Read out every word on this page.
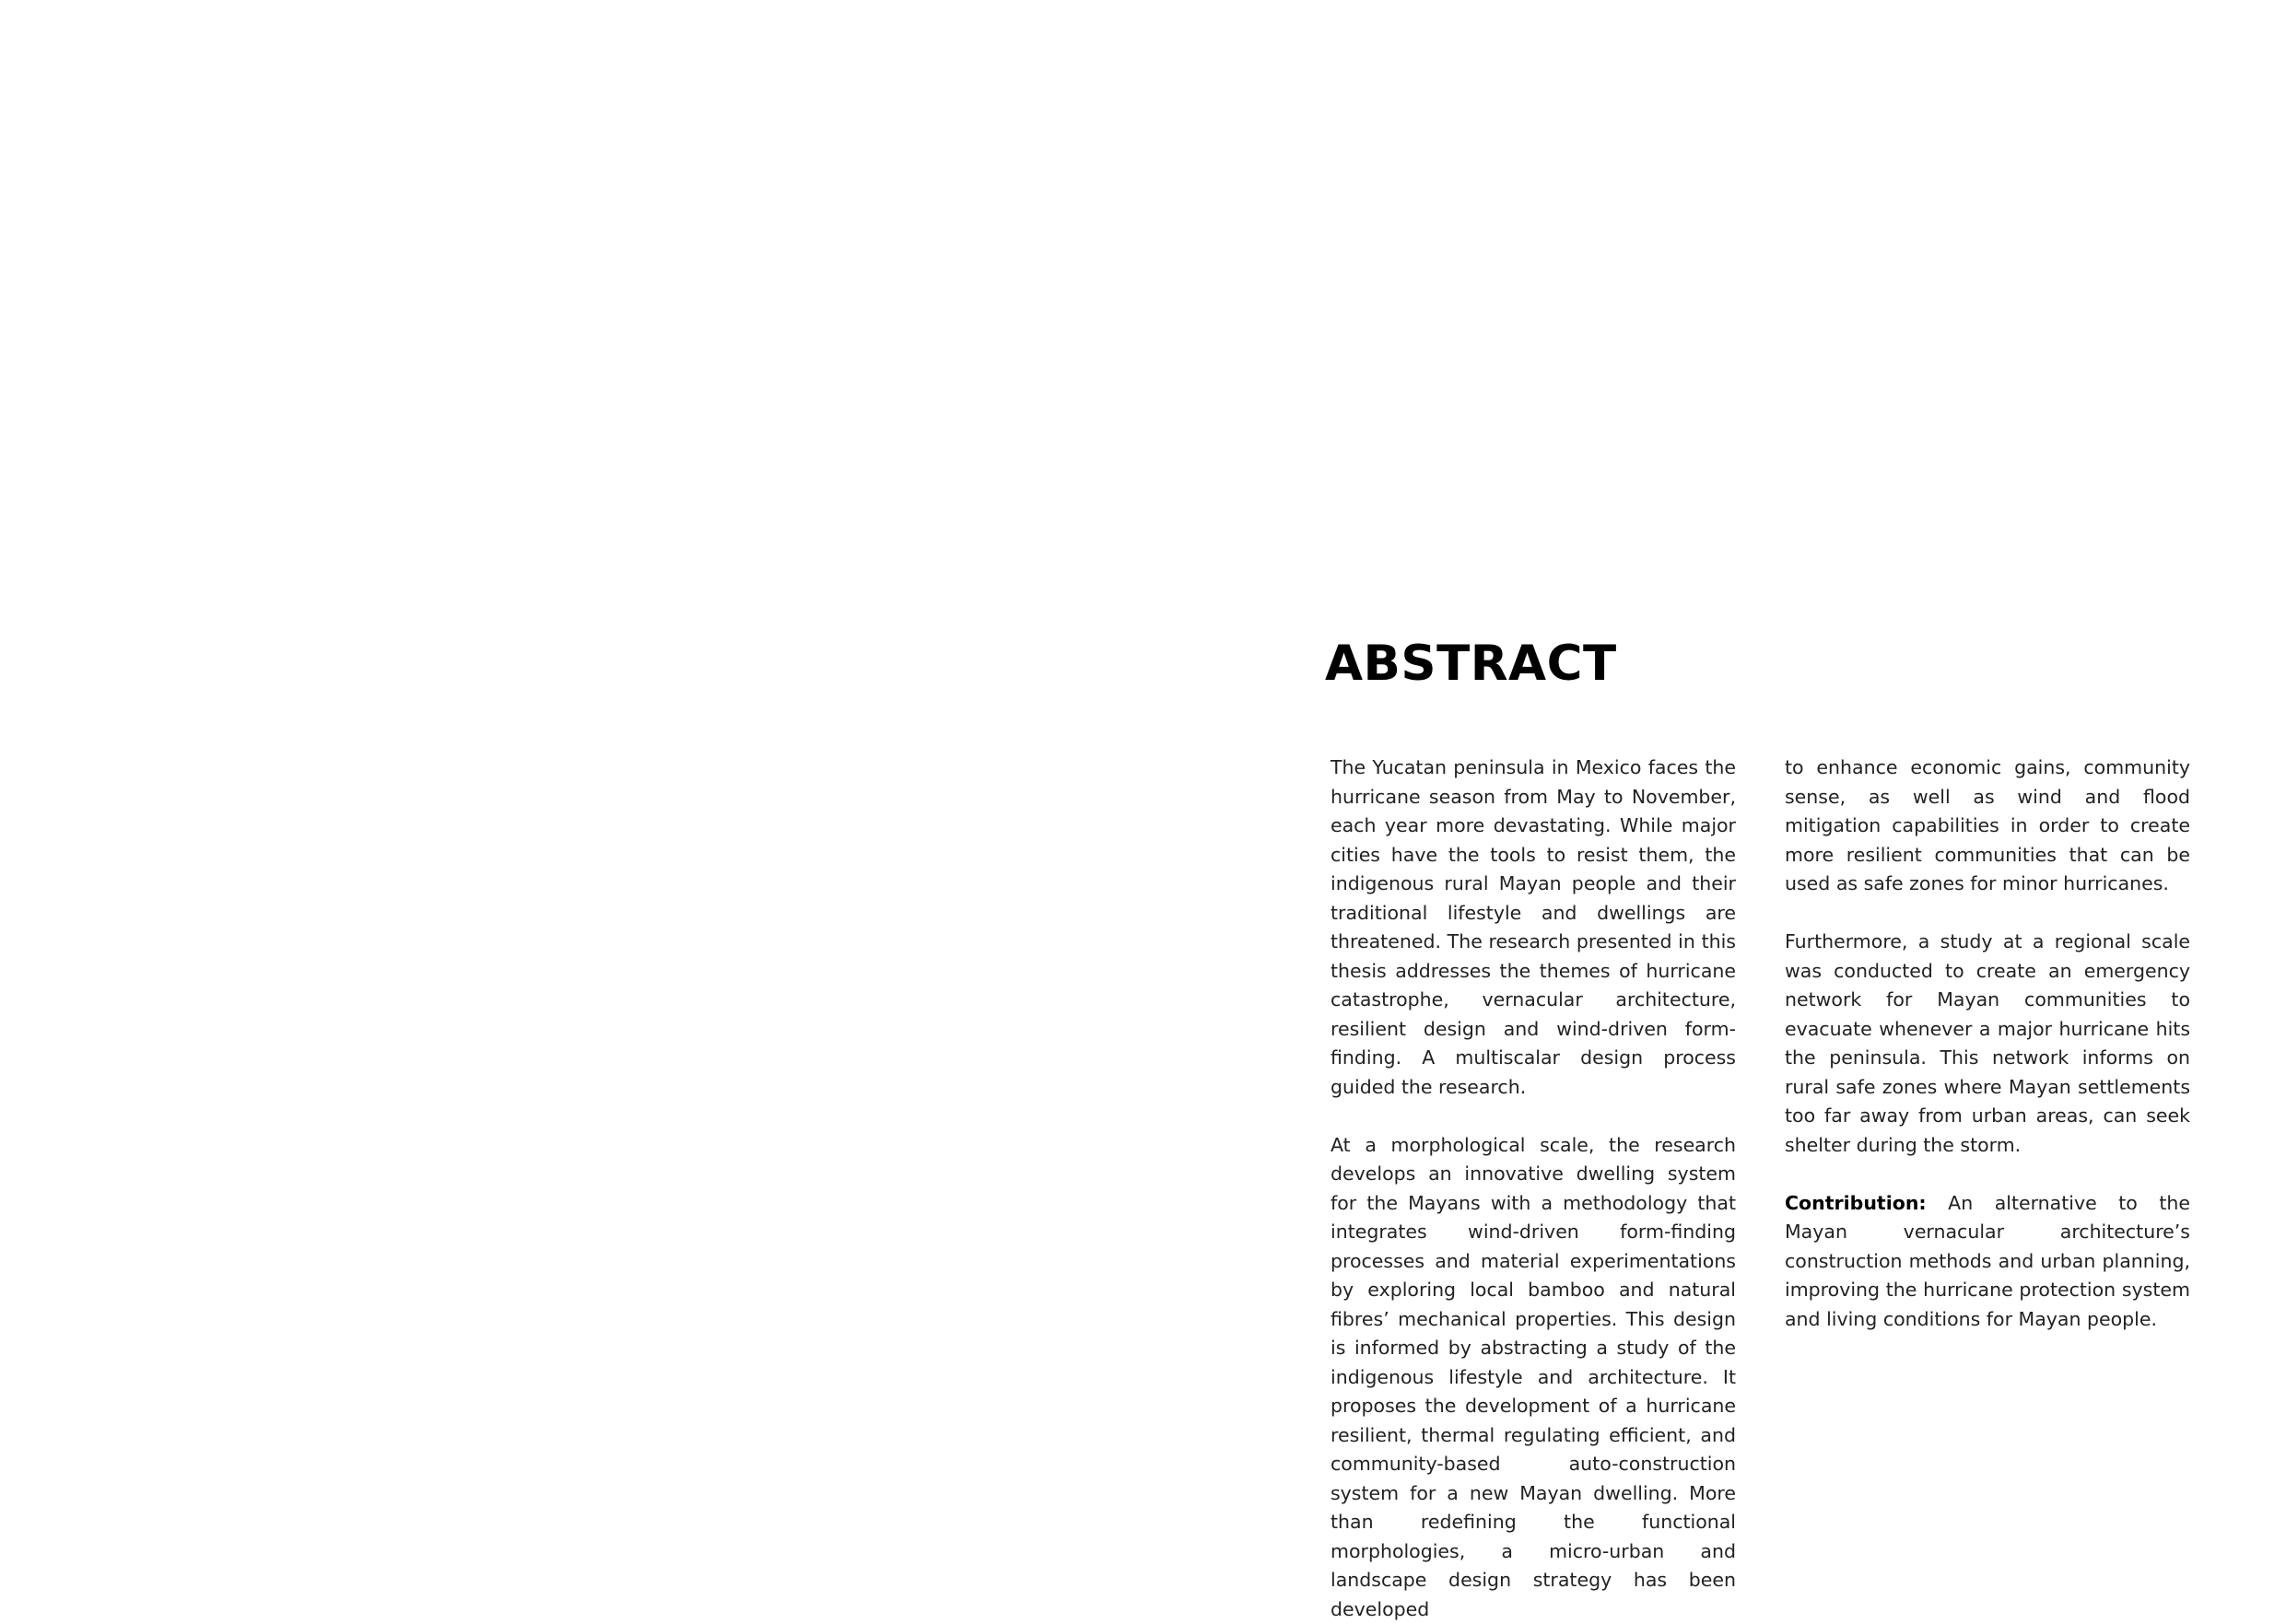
ABSTRACT

The Yucatan peninsula in Mexico faces the hurricane season from May to November, each year more devastating. While major cities have the tools to resist them, the indigenous rural Mayan people and their traditional lifestyle and dwellings are threatened. The research presented in this thesis addresses the themes of hurricane catastrophe, vernacular architecture, resilient design and wind-driven form-finding. A multiscalar design process guided the research.

At a morphological scale, the research develops an innovative dwelling system for the Mayans with a methodology that integrates wind-driven form-finding processes and material experimentations by exploring local bamboo and natural fibres’ mechanical properties. This design is informed by abstracting a study of the indigenous lifestyle and architecture. It proposes the development of a hurricane resilient, thermal regulating efficient, and community-based auto-construction system for a new Mayan dwelling. More than redefining the functional morphologies, a micro-urban and landscape design strategy has been developed

to enhance economic gains, community sense, as well as wind and flood mitigation capabilities in order to create more resilient communities that can be used as safe zones for minor hurricanes.

Furthermore, a study at a regional scale was conducted to create an emergency network for Mayan communities to evacuate whenever a major hurricane hits the peninsula. This network informs on rural safe zones where Mayan settlements too far away from urban areas, can seek shelter during the storm.

Contribution: An alternative to the Mayan vernacular architecture’s construction methods and urban planning, improving the hurricane protection system and living conditions for Mayan people.
